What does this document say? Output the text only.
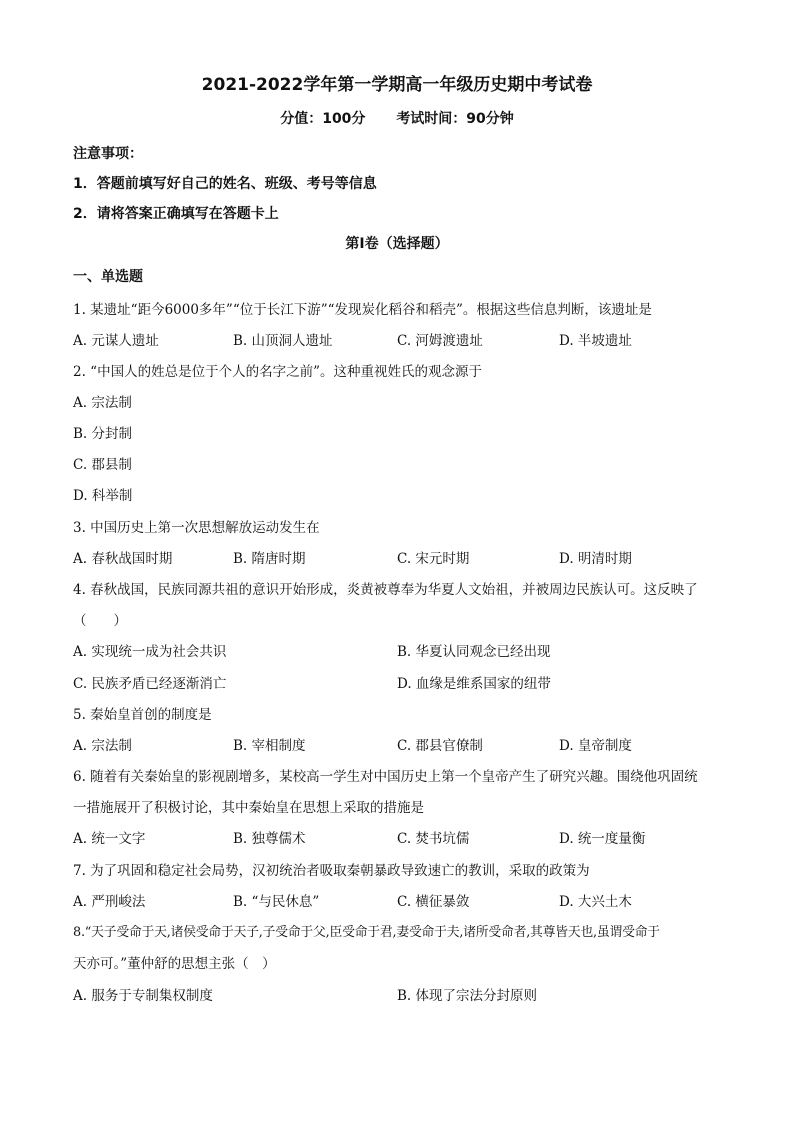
2021-2022学年第一学期高一年级历史期中考试卷
分值：100分 考试时间：90分钟
注意事项：
1．答题前填写好自己的姓名、班级、考号等信息
2．请将答案正确填写在答题卡上
第I卷（选择题）
一、单选题
1. 某遗址“距今6000多年”“位于长江下游”“发现炭化稻谷和稻壳”。根据这些信息判断，该遗址是
A. 元谋人遗址	B. 山顶洞人遗址	C. 河姆渡遗址	D. 半坡遗址
2. “中国人的姓总是位于个人的名字之前”。这种重视姓氏的观念源于
A. 宗法制
B. 分封制
C. 郡县制
D. 科举制
3. 中国历史上第一次思想解放运动发生在
A. 春秋战国时期	B. 隋唐时期	C. 宋元时期	D. 明清时期
4. 春秋战国，民族同源共祖的意识开始形成，炎黄被尊奉为华夏人文始祖，并被周边民族认可。这反映了
（　　）
A. 实现统一成为社会共识	B. 华夏认同观念已经出现
C. 民族矛盾已经逐渐消亡	D. 血缘是维系国家的纽带
5. 秦始皇首创的制度是
A. 宗法制	B. 宰相制度	C. 郡县官僚制	D. 皇帝制度
6. 随着有关秦始皇的影视剧增多，某校高一学生对中国历史上第一个皇帝产生了研究兴趣。围绕他巩固统
一措施展开了积极讨论，其中秦始皇在思想上采取的措施是
A. 统一文字	B. 独尊儒术	C. 焚书坑儒	D. 统一度量衡
7. 为了巩固和稳定社会局势，汉初统治者吸取秦朝暴政导致速亡的教训，采取的政策为
A. 严刑峻法	B. “与民休息”	C. 横征暴敛	D. 大兴土木
8.“天子受命于天,诸侯受命于天子,子受命于父,臣受命于君,妻受命于夫,诸所受命者,其尊皆天也,虽谓受命于
天亦可。”董仲舒的思想主张（　）
A. 服务于专制集权制度	B. 体现了宗法分封原则
